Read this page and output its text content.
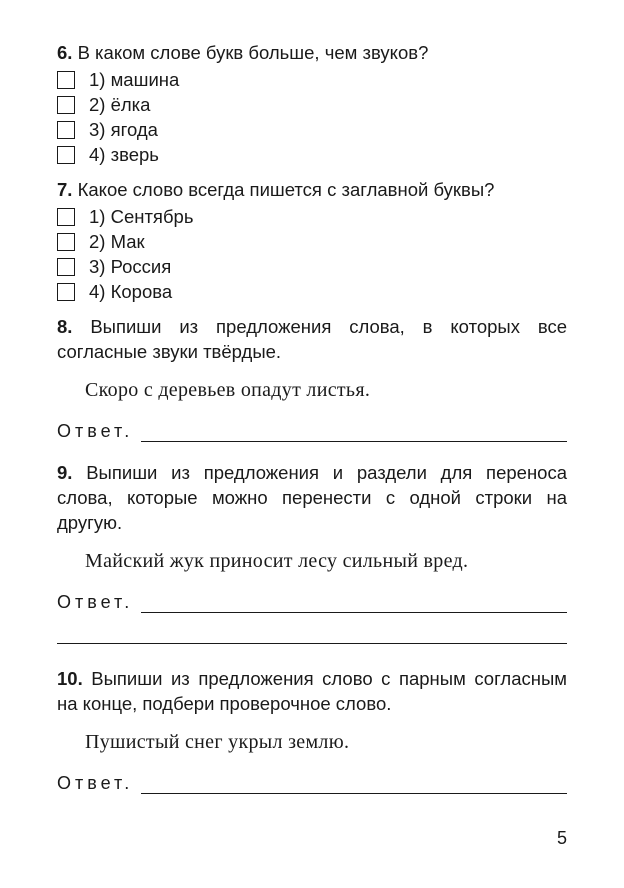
6. В каком слове букв больше, чем звуков?
1) машина
2) ёлка
3) ягода
4) зверь
7. Какое слово всегда пишется с заглавной буквы?
1) Сентябрь
2) Мак
3) Россия
4) Корова
8. Выпиши из предложения слова, в которых все согласные звуки твёрдые.
Скоро с деревьев опадут листья.
Ответ.
9. Выпиши из предложения и раздели для переноса слова, которые можно перенести с одной строки на другую.
Майский жук приносит лесу сильный вред.
Ответ.
10. Выпиши из предложения слово с парным согласным на конце, подбери проверочное слово.
Пушистый снег укрыл землю.
Ответ.
5
